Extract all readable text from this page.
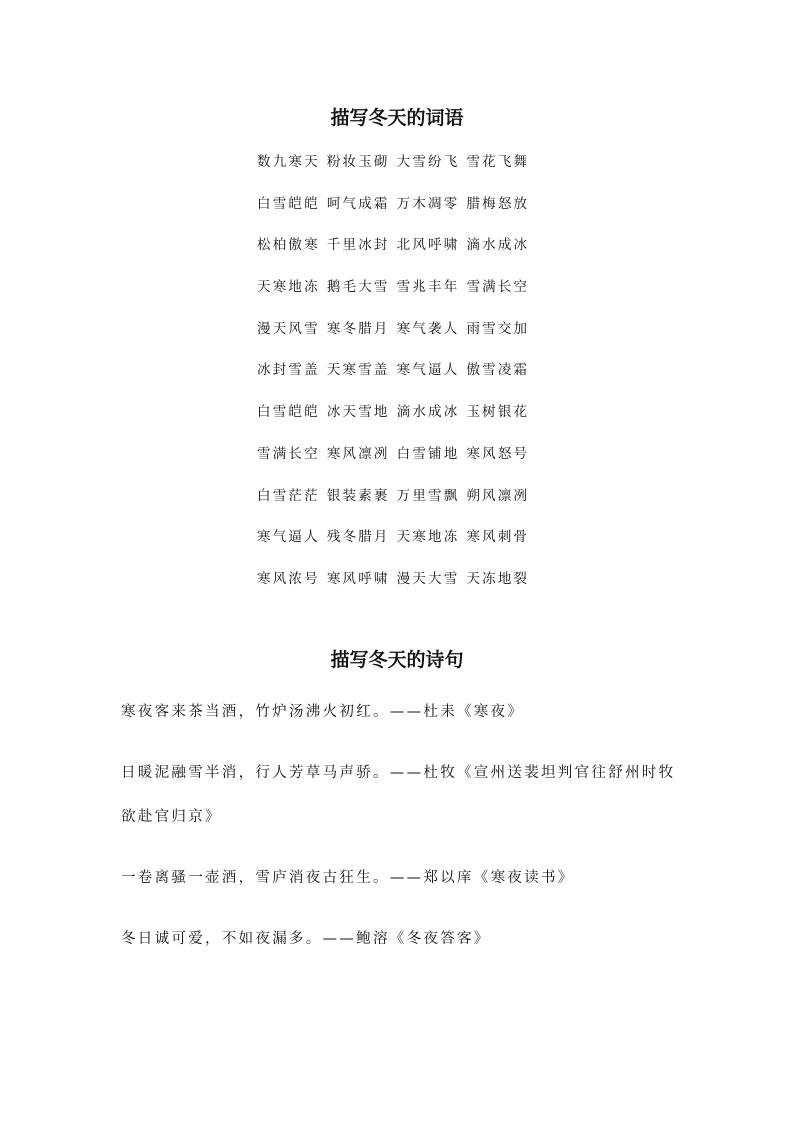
描写冬天的词语
数九寒天 粉妆玉砌 大雪纷飞 雪花飞舞
白雪皑皑 呵气成霜 万木凋零 腊梅怒放
松柏傲寒 千里冰封 北风呼啸 滴水成冰
天寒地冻 鹅毛大雪 雪兆丰年 雪满长空
漫天风雪 寒冬腊月 寒气袭人 雨雪交加
冰封雪盖 天寒雪盖 寒气逼人 傲雪凌霜
白雪皑皑 冰天雪地 滴水成冰 玉树银花
雪满长空 寒风凛冽 白雪铺地 寒风怒号
白雪茫茫 银装素裹 万里雪飘 朔风凛冽
寒气逼人 残冬腊月 天寒地冻 寒风刺骨
寒风浓号 寒风呼啸 漫天大雪 天冻地裂
描写冬天的诗句
寒夜客来茶当酒，竹炉汤沸火初红。——杜耒《寒夜》
日暖泥融雪半消，行人芳草马声骄。——杜牧《宣州送裴坦判官往舒州时牧欲赴官归京》
一卷离骚一壶酒，雪庐消夜古狂生。——郑以庠《寒夜读书》
冬日诚可爱，不如夜漏多。——鲍溶《冬夜答客》
